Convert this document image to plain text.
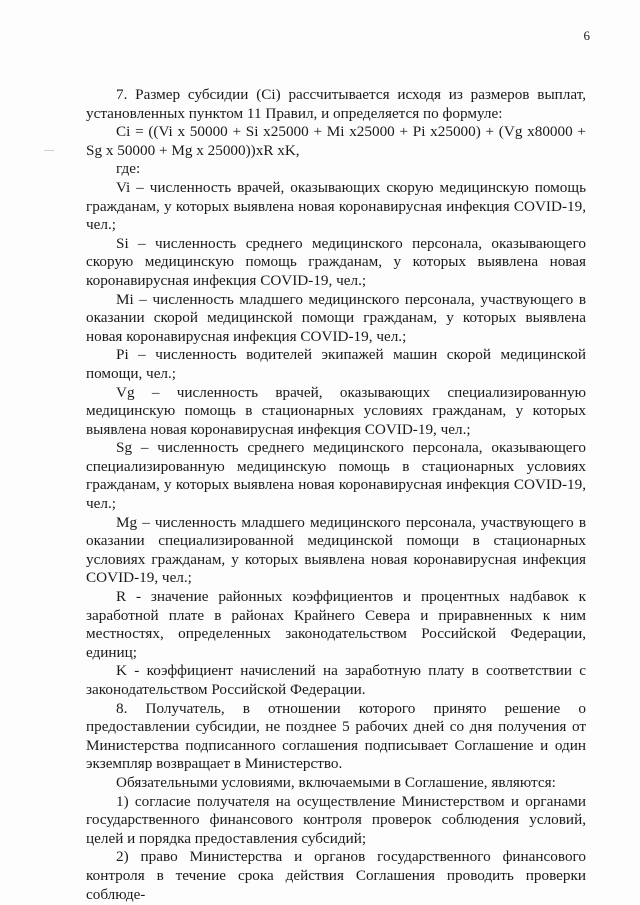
6

7. Размер субсидии (Ci) рассчитывается исходя из размеров выплат, установленных пунктом 11 Правил, и определяется по формуле:

Ci = ((Vi x 50000 + Si x25000 + Mi x25000 + Pi x25000) + (Vg x80000 + Sg x 50000 + Mg x 25000))xR xK,

где:

Vi – численность врачей, оказывающих скорую медицинскую помощь гражданам, у которых выявлена новая коронавирусная инфекция COVID-19, чел.;

Si – численность среднего медицинского персонала, оказывающего скорую медицинскую помощь гражданам, у которых выявлена новая коронавирусная инфекция COVID-19, чел.;

Mi – численность младшего медицинского персонала, участвующего в оказании скорой медицинской помощи гражданам, у которых выявлена новая коронавирусная инфекция COVID-19, чел.;

Pi – численность водителей экипажей машин скорой медицинской помощи, чел.;

Vg – численность врачей, оказывающих специализированную медицинскую помощь в стационарных условиях гражданам, у которых выявлена новая коронавирусная инфекция COVID-19, чел.;

Sg – численность среднего медицинского персонала, оказывающего специализированную медицинскую помощь в стационарных условиях гражданам, у которых выявлена новая коронавирусная инфекция COVID-19, чел.;

Mg – численность младшего медицинского персонала, участвующего в оказании специализированной медицинской помощи в стационарных условиях гражданам, у которых выявлена новая коронавирусная инфекция COVID-19, чел.;

R - значение районных коэффициентов и процентных надбавок к заработной плате в районах Крайнего Севера и приравненных к ним местностях, определенных законодательством Российской Федерации, единиц;

K - коэффициент начислений на заработную плату в соответствии с законодательством Российской Федерации.

8. Получатель, в отношении которого принято решение о предоставлении субсидии, не позднее 5 рабочих дней со дня получения от Министерства подписанного соглашения подписывает Соглашение и один экземпляр возвращает в Министерство.

Обязательными условиями, включаемыми в Соглашение, являются:

1) согласие получателя на осуществление Министерством и органами государственного финансового контроля проверок соблюдения условий, целей и порядка предоставления субсидий;

2) право Министерства и органов государственного финансового контроля в течение срока действия Соглашения проводить проверки соблюде-
